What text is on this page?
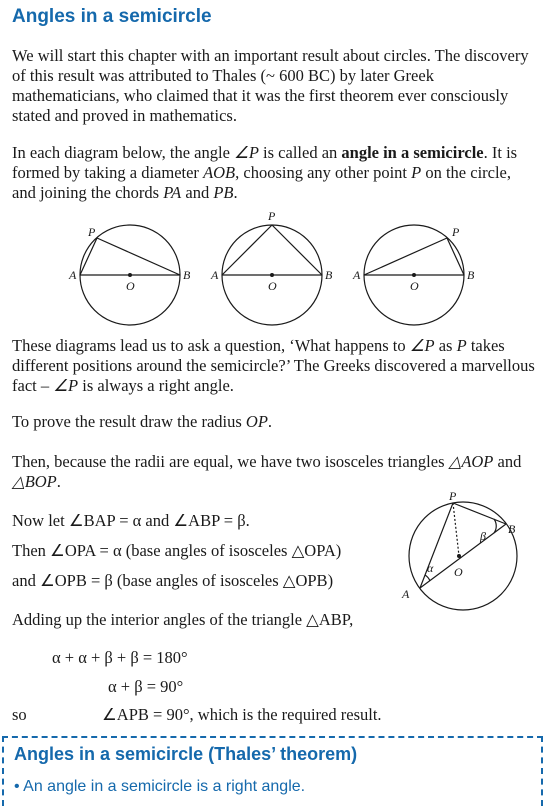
Angles in a semicircle

We will start this chapter with an important result about circles. The discovery of this result was attributed to Thales (~ 600 BC) by later Greek mathematicians, who claimed that it was the first theorem ever consciously stated and proved in mathematics.

In each diagram below, the angle ∠P is called an angle in a semicircle. It is formed by taking a diameter AOB, choosing any other point P on the circle, and joining the chords PA and PB.

A	B
O
P
A	B
O
P
A	B
O
P

These diagrams lead us to ask a question, ‘What happens to ∠P as P takes different positions around the semicircle?’ The Greeks discovered a marvellous fact – ∠P is always a right angle.

To prove the result draw the radius OP.

Then, because the radii are equal, we have two isosceles triangles △AOP and △BOP.

Now let ∠BAP = α and ∠ABP = β.
Then ∠OPA = α (base angles of isosceles △OPA)
and ∠OPB = β (base angles of isosceles △OPB)
Adding up the interior angles of the triangle △ABP,
α + α + β + β = 180°
α + β = 90°
so	∠APB = 90°, which is the required result.
P
A
B
O
α
β
Angles in a semicircle (Thales’ theorem)
• An angle in a semicircle is a right angle.
